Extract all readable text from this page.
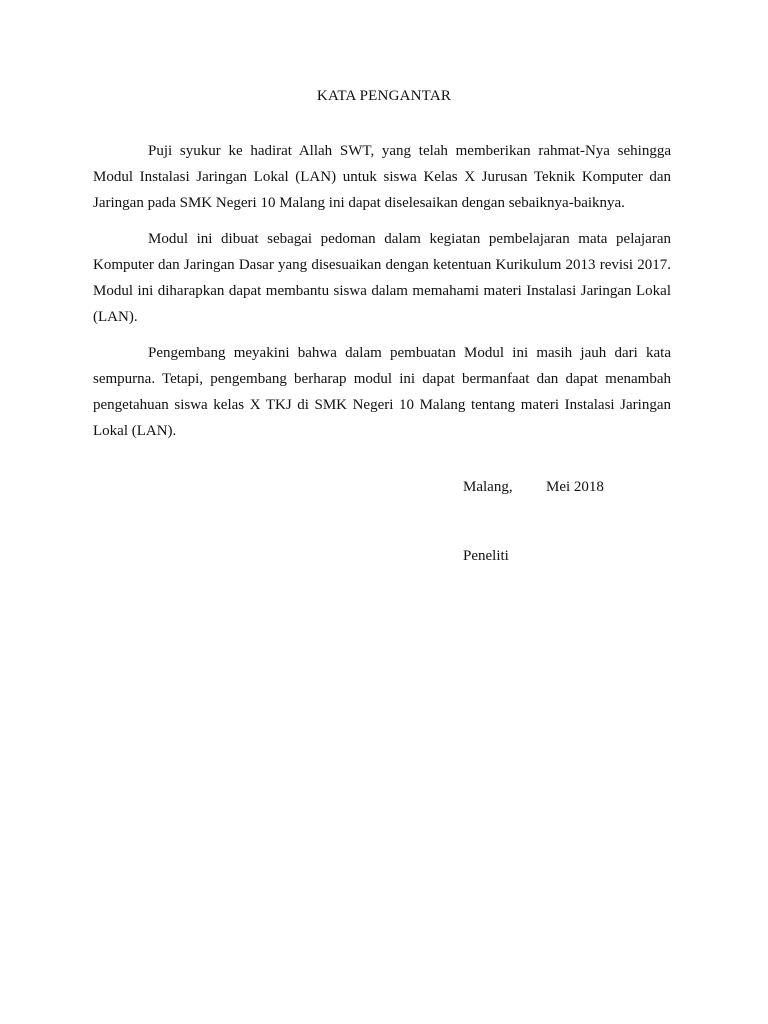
KATA PENGANTAR

Puji syukur ke hadirat Allah SWT, yang telah memberikan rahmat-Nya sehingga Modul Instalasi Jaringan Lokal (LAN) untuk siswa Kelas X Jurusan Teknik Komputer dan Jaringan pada SMK Negeri 10 Malang ini dapat diselesaikan dengan sebaiknya-baiknya.

Modul ini dibuat sebagai pedoman dalam kegiatan pembelajaran mata pelajaran Komputer dan Jaringan Dasar yang disesuaikan dengan ketentuan Kurikulum 2013 revisi 2017. Modul ini diharapkan dapat membantu siswa dalam memahami materi Instalasi Jaringan Lokal (LAN).

Pengembang meyakini bahwa dalam pembuatan Modul ini masih jauh dari kata sempurna. Tetapi, pengembang berharap modul ini dapat bermanfaat dan dapat menambah pengetahuan siswa kelas X TKJ di SMK Negeri 10 Malang tentang materi Instalasi Jaringan Lokal (LAN).

Malang, Mei 2018
Peneliti
